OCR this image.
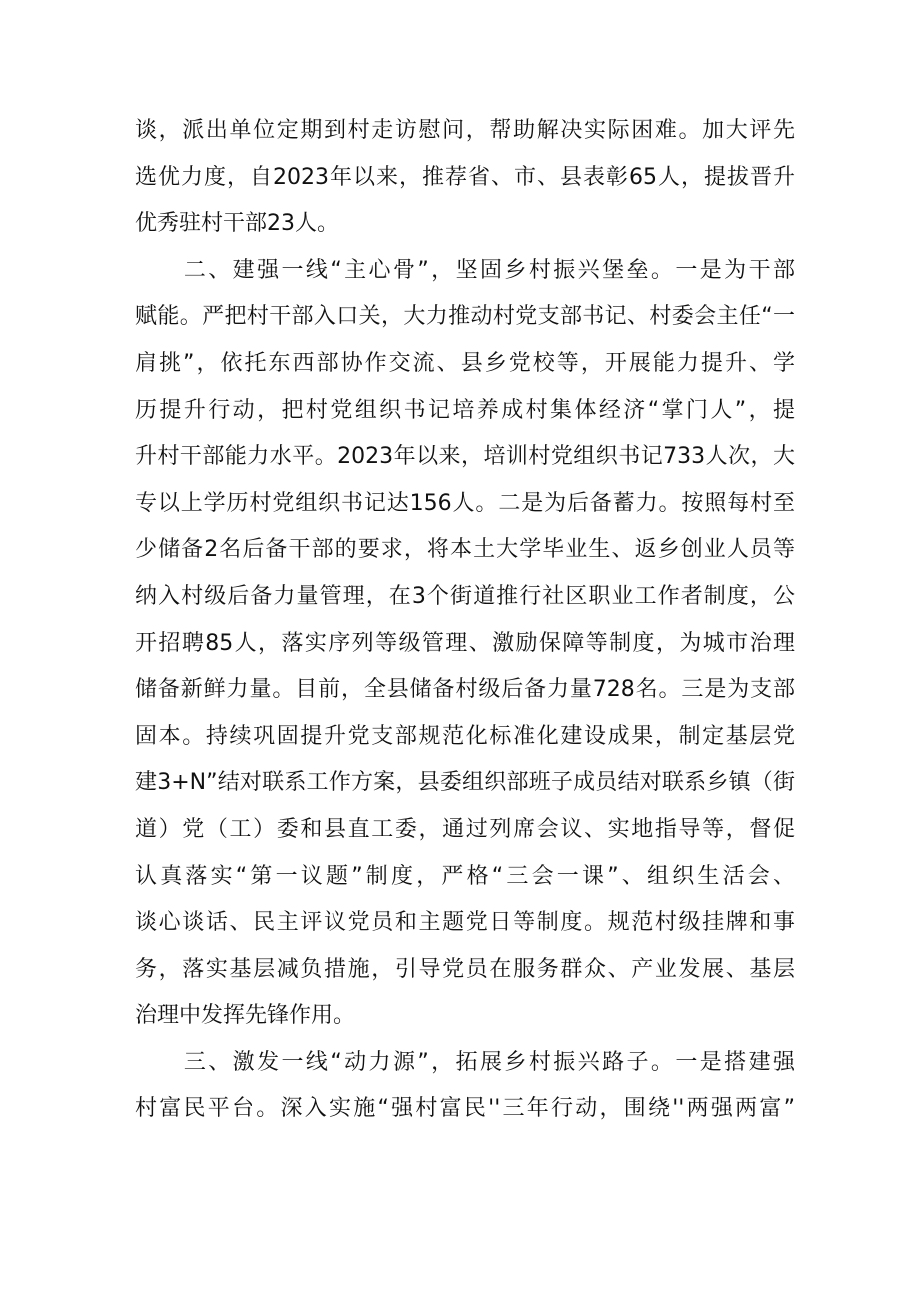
谈，派出单位定期到村走访慰问，帮助解决实际困难。加大评先
选优力度，自2023年以来，推荐省、市、县表彰65人，提拔晋升
优秀驻村干部23人。
　　二、建强一线“主心骨”，坚固乡村振兴堡垒。一是为干部
赋能。严把村干部入口关，大力推动村党支部书记、村委会主任“一
肩挑”，依托东西部协作交流、县乡党校等，开展能力提升、学
历提升行动，把村党组织书记培养成村集体经济“掌门人”，提
升村干部能力水平。2023年以来，培训村党组织书记733人次，大
专以上学历村党组织书记达156人。二是为后备蓄力。按照每村至
少储备2名后备干部的要求，将本土大学毕业生、返乡创业人员等
纳入村级后备力量管理，在3个街道推行社区职业工作者制度，公
开招聘85人，落实序列等级管理、激励保障等制度，为城市治理
储备新鲜力量。目前，全县储备村级后备力量728名。三是为支部
固本。持续巩固提升党支部规范化标准化建设成果，制定基层党
建3+N”结对联系工作方案，县委组织部班子成员结对联系乡镇（街
道）党（工）委和县直工委，通过列席会议、实地指导等，督促
认真落实“第一议题”制度，严格“三会一课”、组织生活会、
谈心谈话、民主评议党员和主题党日等制度。规范村级挂牌和事
务，落实基层减负措施，引导党员在服务群众、产业发展、基层
治理中发挥先锋作用。
　　三、激发一线“动力源”，拓展乡村振兴路子。一是搭建强
村富民平台。深入实施“强村富民''三年行动，围绕''两强两富”
